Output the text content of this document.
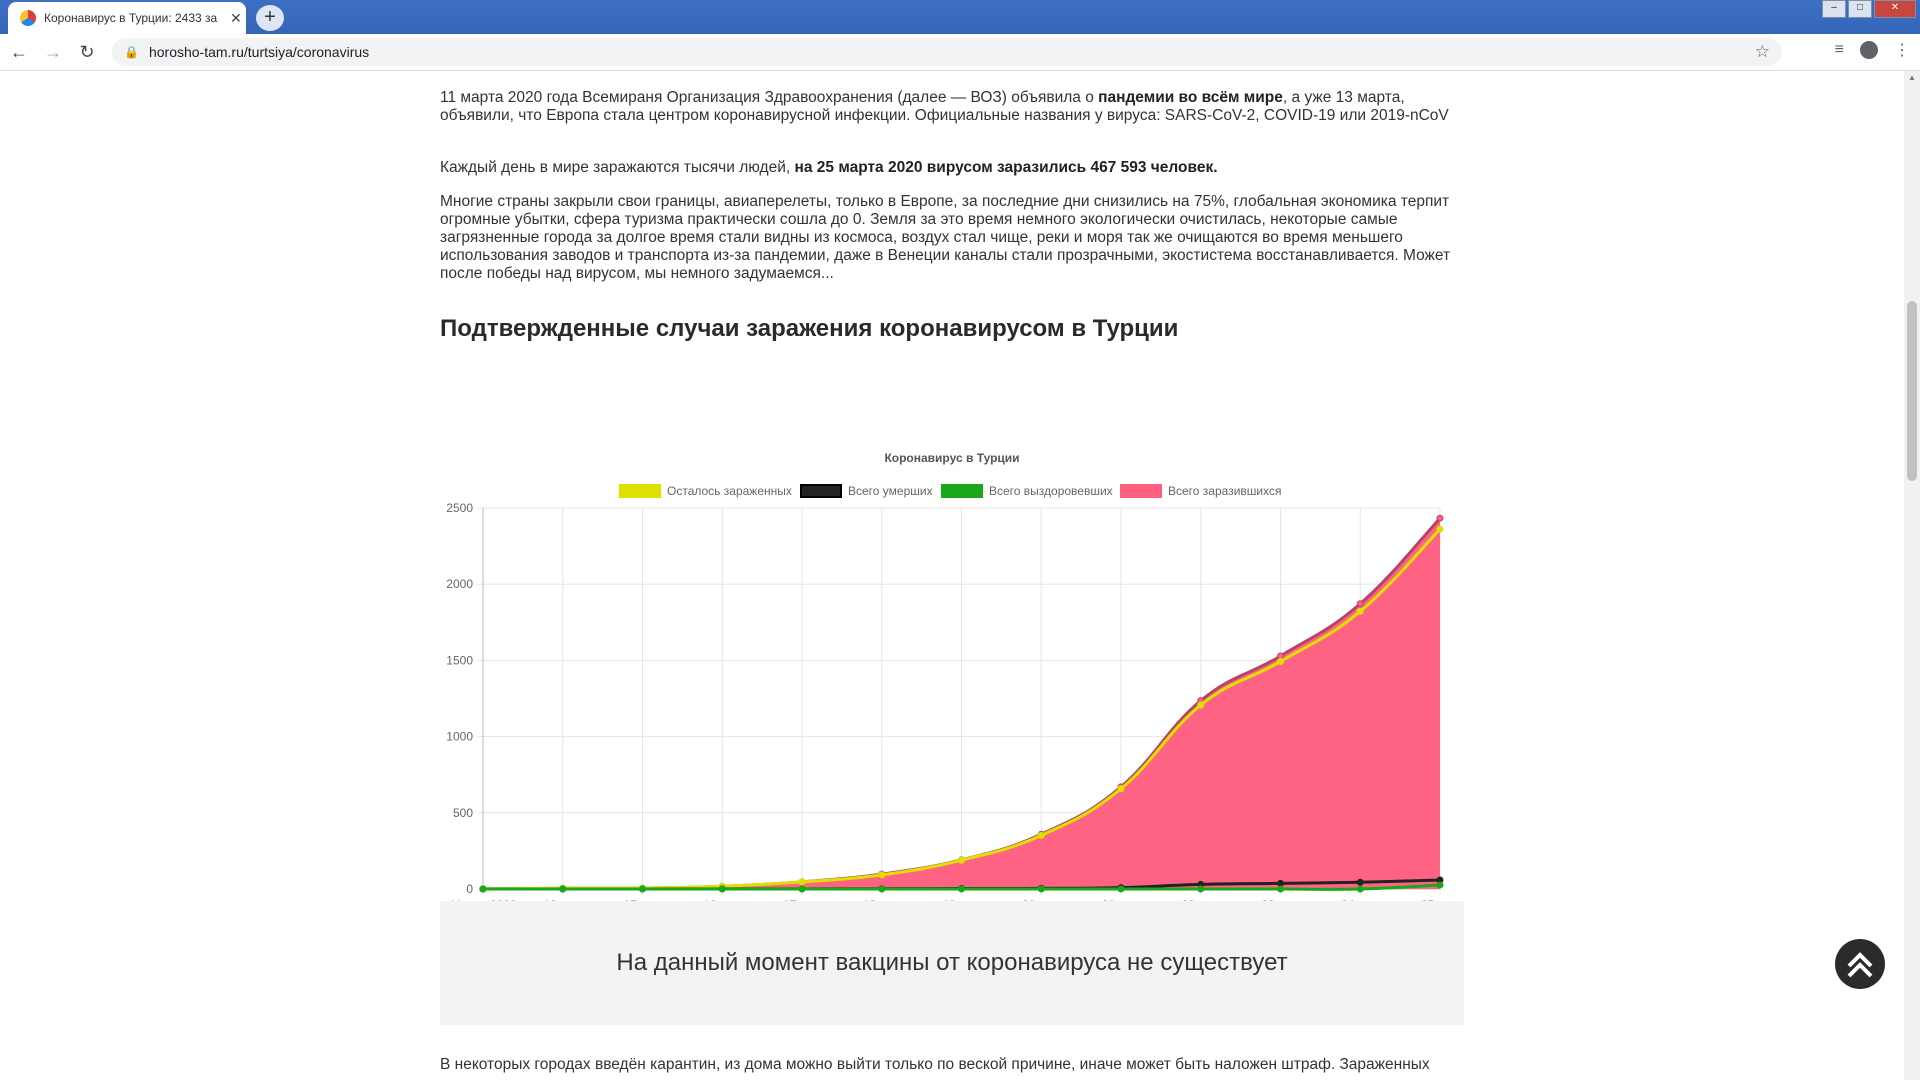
Коронавирус в Турции: 2433 за ✕	+	–	□	✕
← → ↻	🔒 horosho-tam.ru/turtsiya/coronavirus	☆	≡ ● ⋮

11 марта 2020 года Всемираня Организация Здравоохранения (далее — ВОЗ) объявила о пандемии во всём мире, а уже 13 марта, объявили, что Европа стала центром коронавирусной инфекции. Официальные названия у вируса: SARS-CoV-2, COVID-19 или 2019-nCoV

Каждый день в мире заражаются тысячи людей, на 25 марта 2020 вирусом заразились 467 593 человек.

Многие страны закрыли свои границы, авиаперелеты, только в Европе, за последние дни снизились на 75%, глобальная экономика терпит огромные убытки, сфера туризма практически сошла до 0. Земля за это время немного экологически очистилась, некоторые самые загрязненные города за долгое время стали видны из космоса, воздух стал чище, реки и моря так же очищаются во время меньшего использования заводов и транспорта из-за пандемии, даже в Венеции каналы стали прозрачными, экостистема восстанавливается. Может после победы над вирусом, мы немного задумаемся...

Подтвержденные случаи заражения коронавирусом в Турции
Коронавирус в Турции
Осталось зараженных	Всего умерших	Всего выздоровевших	Всего заразившихся
0
500
1000
1500
2000
2500
На данный момент вакцины от коронавируса не существует

В некоторых городах введён карантин, из дома можно выйти только по веской причине, иначе может быть наложен штраф. Зараженных

▲
